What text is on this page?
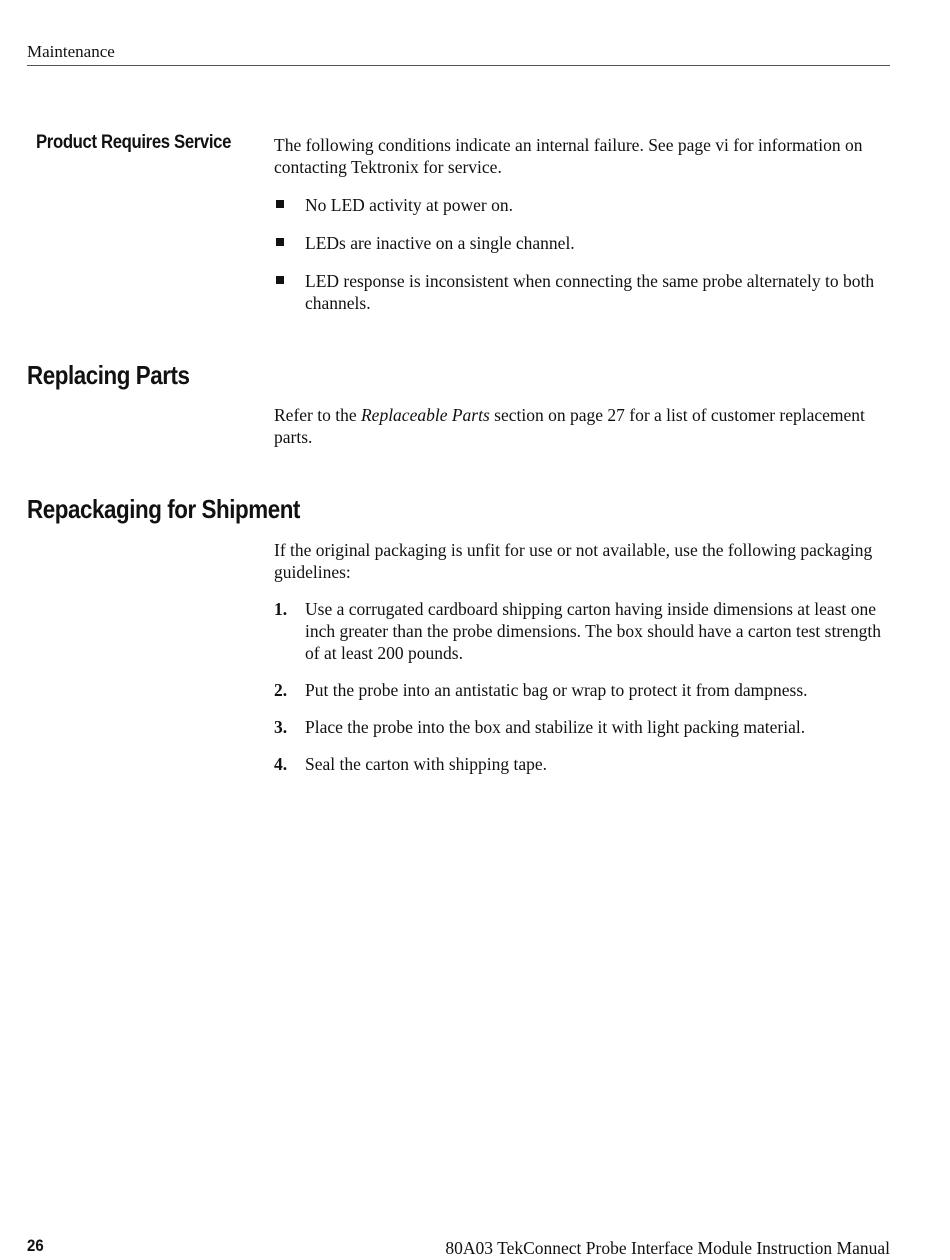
Maintenance
Product Requires Service The following conditions indicate an internal failure. See page vi for information on contacting Tektronix for service.

No LED activity at power on.
LEDs are inactive on a single channel.
LED response is inconsistent when connecting the same probe alternately to both channels.
Replacing Parts

Refer to the Replaceable Parts section on page 27 for a list of customer replacement parts.

Repackaging for Shipment

If the original packaging is unfit for use or not available, use the following packaging guidelines:

1. Use a corrugated cardboard shipping carton having inside dimensions at least one inch greater than the probe dimensions. The box should have a carton test strength of at least 200 pounds.
2. Put the probe into an antistatic bag or wrap to protect it from dampness.
3. Place the probe into the box and stabilize it with light packing material.
4. Seal the carton with shipping tape.
26	80A03 TekConnect Probe Interface Module Instruction Manual
